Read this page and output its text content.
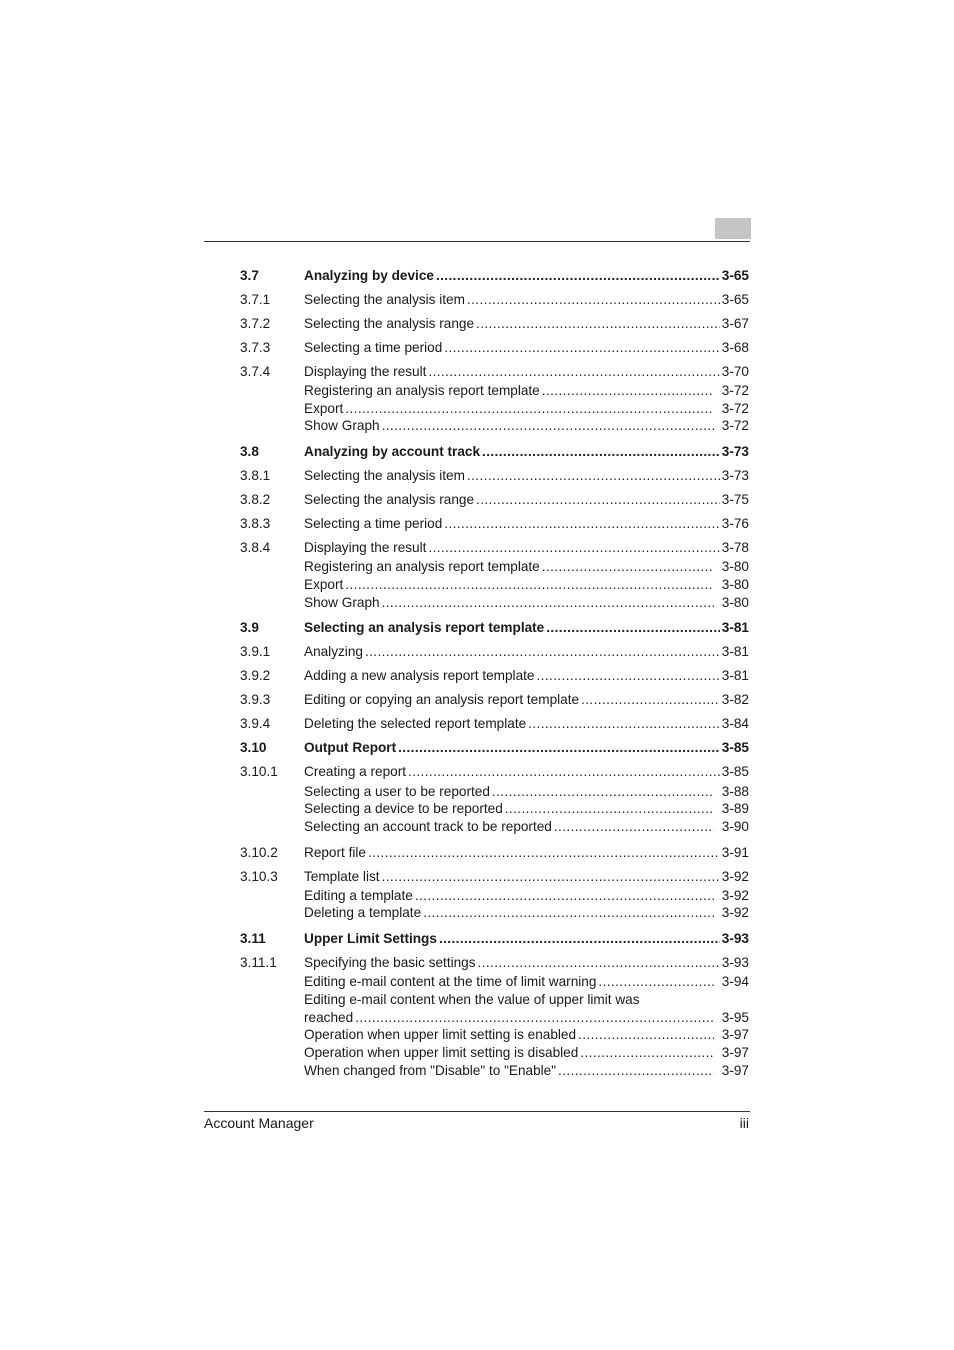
3.7	Analyzing by device .....	3-65
3.7.1	Selecting the analysis item .....	3-65
3.7.2	Selecting the analysis range .....	3-67
3.7.3	Selecting a time period .....	3-68
3.7.4	Displaying the result .....	3-70
Registering an analysis report template .....	3-72
Export .....	3-72
Show Graph .....	3-72
3.8	Analyzing by account track .....	3-73
3.8.1	Selecting the analysis item .....	3-73
3.8.2	Selecting the analysis range .....	3-75
3.8.3	Selecting a time period .....	3-76
3.8.4	Displaying the result .....	3-78
Registering an analysis report template .....	3-80
Export .....	3-80
Show Graph .....	3-80
3.9	Selecting an analysis report template .....	3-81
3.9.1	Analyzing .....	3-81
3.9.2	Adding a new analysis report template .....	3-81
3.9.3	Editing or copying an analysis report template .....	3-82
3.9.4	Deleting the selected report template .....	3-84
3.10	Output Report .....	3-85
3.10.1	Creating a report .....	3-85
Selecting a user to be reported .....	3-88
Selecting a device to be reported .....	3-89
Selecting an account track to be reported .....	3-90
3.10.2	Report file .....	3-91
3.10.3	Template list .....	3-92
Editing a template .....	3-92
Deleting a template .....	3-92
3.11	Upper Limit Settings .....	3-93
3.11.1	Specifying the basic settings .....	3-93
Editing e-mail content at the time of limit warning .....	3-94
Editing e-mail content when the value of upper limit was
reached .....	3-95
Operation when upper limit setting is enabled .....	3-97
Operation when upper limit setting is disabled .....	3-97
When changed from "Disable" to "Enable" .....	3-97
Account Manager	iii
